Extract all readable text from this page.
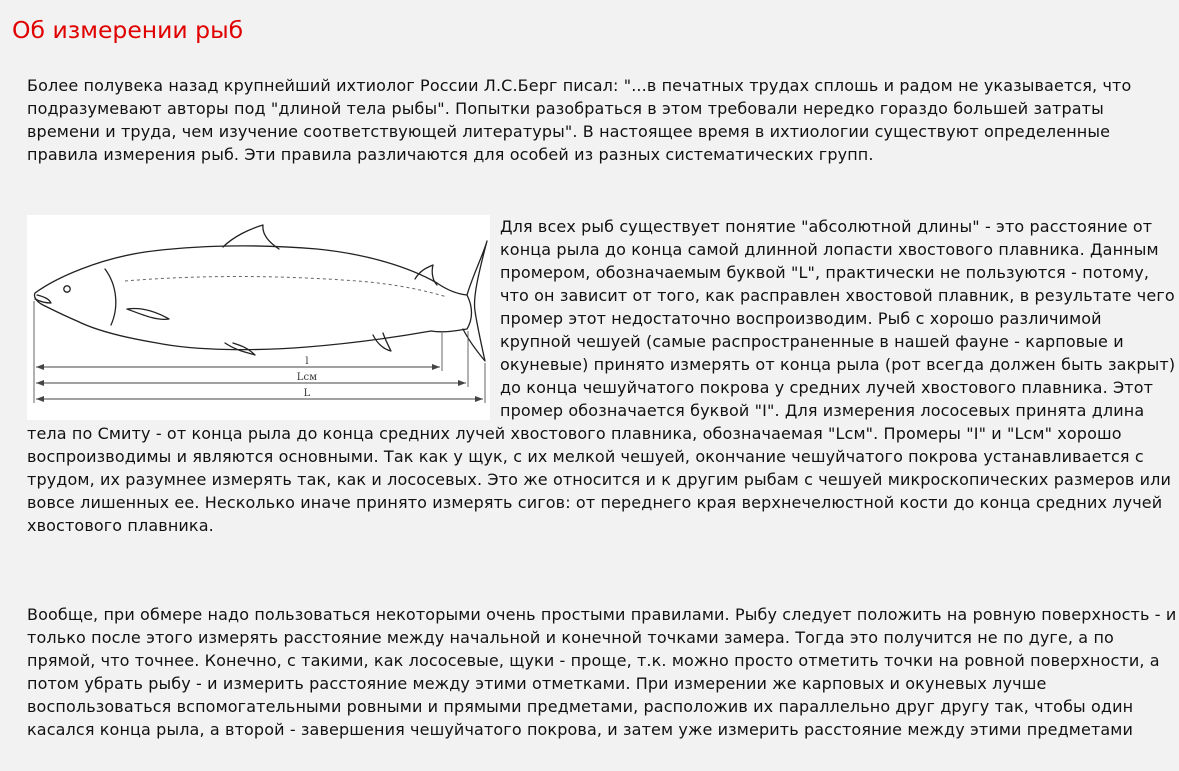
Об измерении рыб

Более полувека назад крупнейший ихтиолог России Л.С.Берг писал: "...в печатных трудах сплошь и радом не указывается, что подразумевают авторы под "длиной тела рыбы". Попытки разобраться в этом требовали нередко гораздо большей затраты времени и труда, чем изучение соответствующей литературы". В настоящее время в ихтиологии существуют определенные правила измерения рыб. Эти правила различаются для особей из разных систематических групп.

l
Lcм
L
Для всех рыб существует понятие "абсолютной длины" - это расстояние от конца рыла до конца самой длинной лопасти хвостового плавника. Данным промером, обозначаемым буквой "L", практически не пользуются - потому, что он зависит от того, как расправлен хвостовой плавник, в результате чего промер этот недостаточно воспроизводим. Рыб с хорошо различимой крупной чешуей (самые распространенные в нашей фауне - карповые и окуневые) принято измерять от конца рыла (рот всегда должен быть закрыт) до конца чешуйчатого покрова у средних лучей хвостового плавника. Этот промер обозначается буквой "I". Для измерения лососевых принята длина тела по Смиту - от конца рыла до конца средних лучей хвостового плавника, обозначаемая "Lcм". Промеры "I" и "Lcм" хорошо воспроизводимы и являются основными. Так как у щук, с их мелкой чешуей, окончание чешуйчатого покрова устанавливается с трудом, их разумнее измерять так, как и лососевых. Это же относится и к другим рыбам с чешуей микроскопических размеров или вовсе лишенных ее. Несколько иначе принято измерять сигов: от переднего края верхнечелюстной кости до конца средних лучей хвостового плавника.

Вообще, при обмере надо пользоваться некоторыми очень простыми правилами. Рыбу следует положить на ровную поверхность - и только после этого измерять расстояние между начальной и конечной точками замера. Тогда это получится не по дуге, а по прямой, что точнее. Конечно, с такими, как лососевые, щуки - проще, т.к. можно просто отметить точки на ровной поверхности, а потом убрать рыбу - и измерить расстояние между этими отметками. При измерении же карповых и окуневых лучше воспользоваться вспомогательными ровными и прямыми предметами, расположив их параллельно друг другу так, чтобы один касался конца рыла, а второй - завершения чешуйчатого покрова, и затем уже измерить расстояние между этими предметами
